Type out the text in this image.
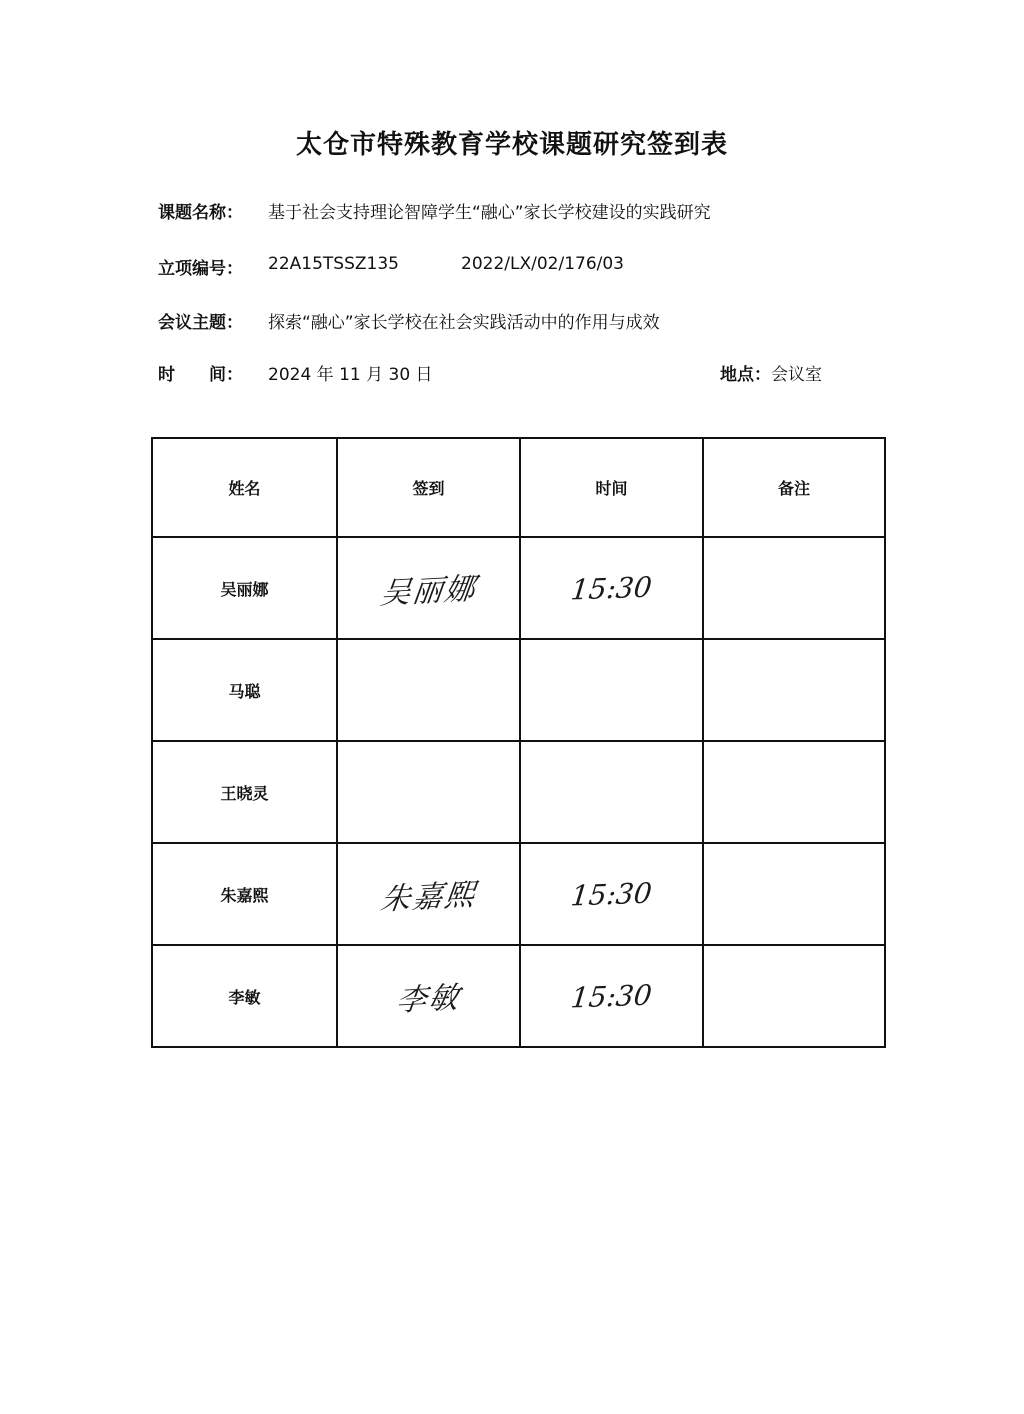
太仓市特殊教育学校课题研究签到表
课题名称： 基于社会支持理论智障学生“融心”家长学校建设的实践研究
立项编号： 22A15TSSZ135	2022/LX/02/176/03
会议主题： 探索“融心”家长学校在社会实践活动中的作用与成效
时　　间： 2024 年 11 月 30 日	地点：会议室
姓名	签到	时间	备注
吴丽娜	吴丽娜	15:30	
马聪			
王晓灵			
朱嘉熙	朱嘉熙	15:30	
李敏	李敏	15:30	
